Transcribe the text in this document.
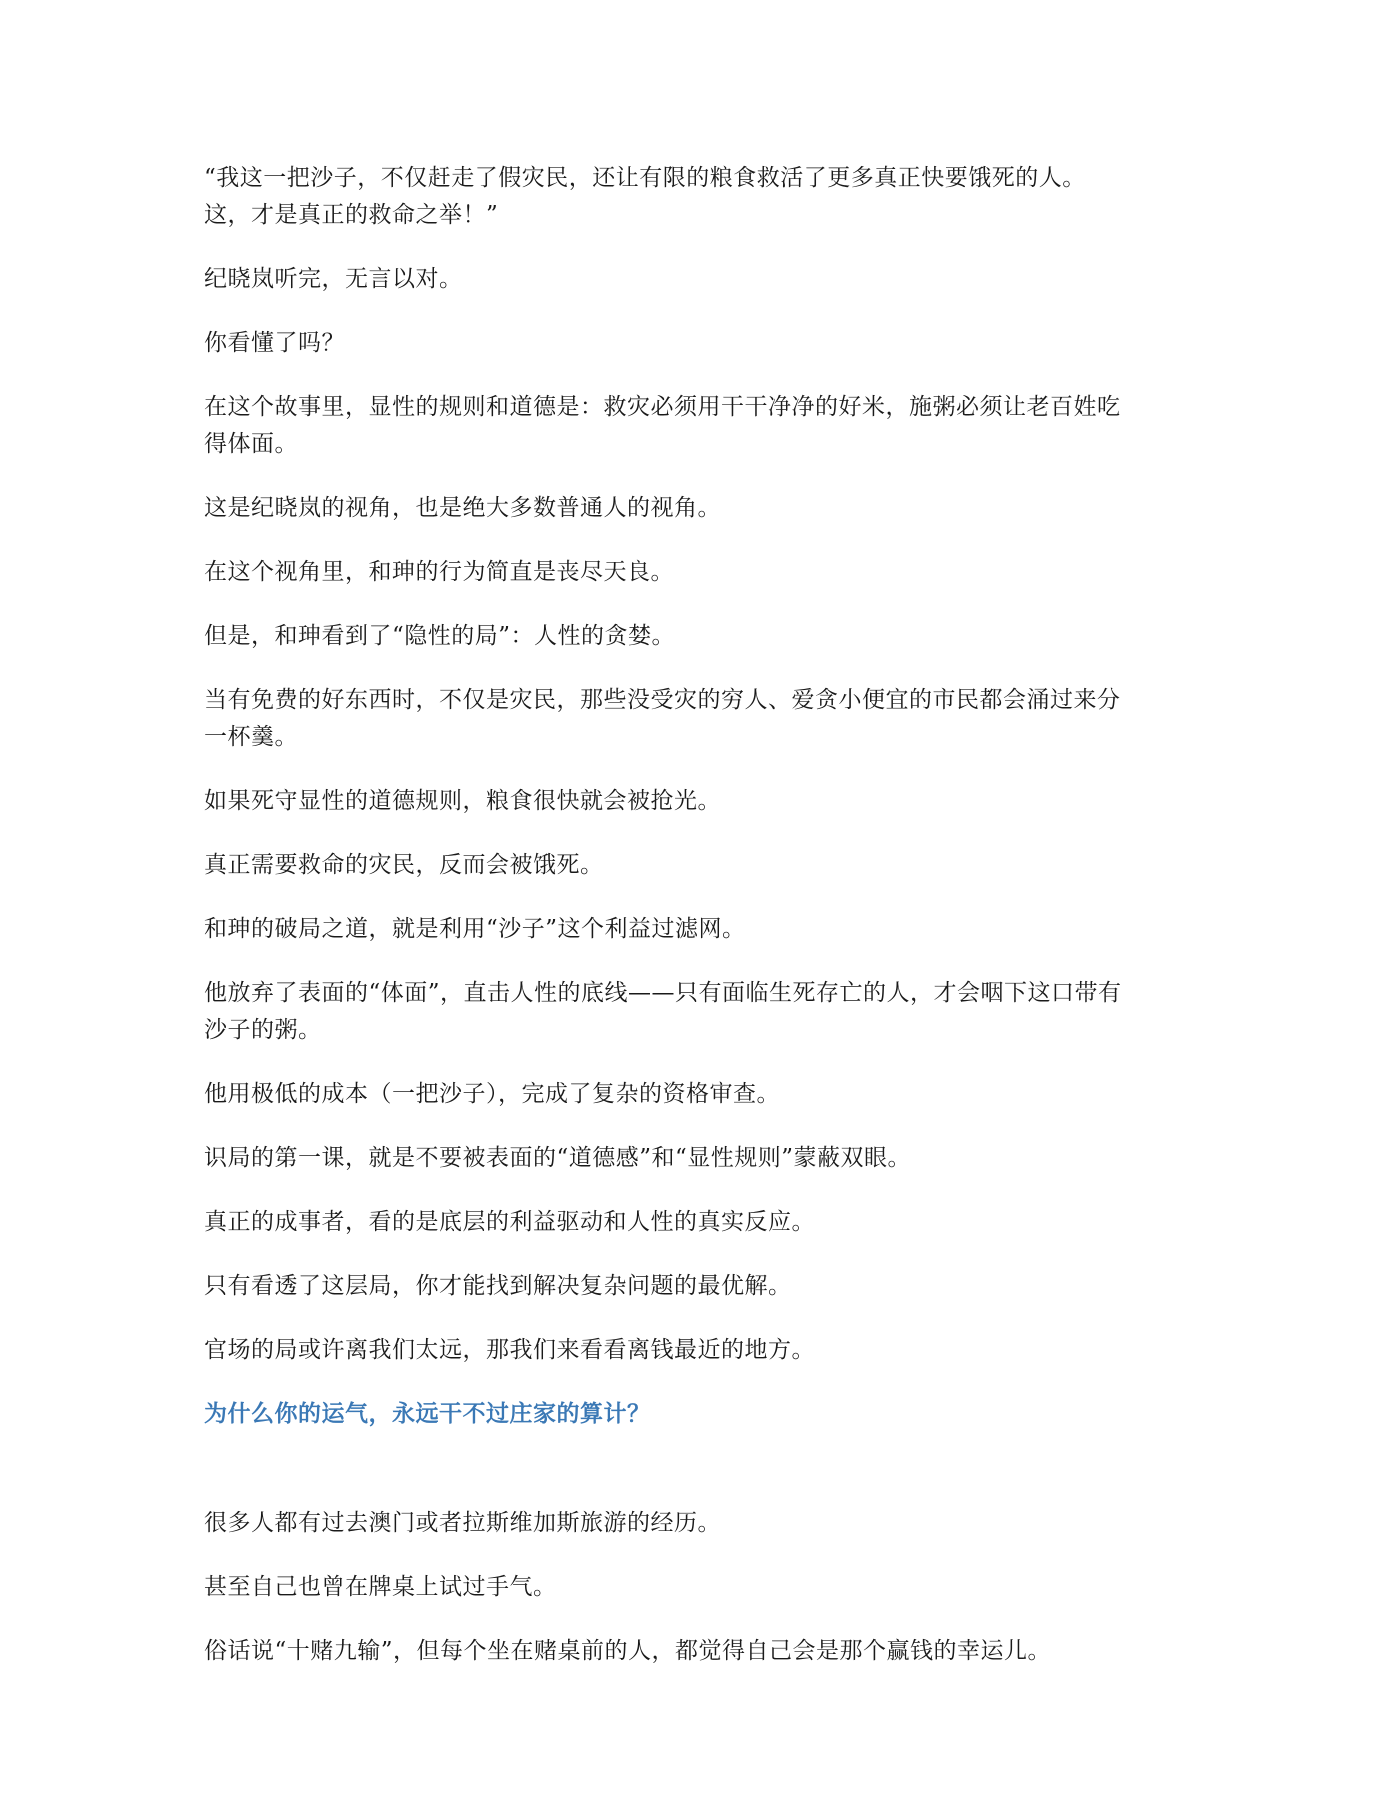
“我这一把沙子，不仅赶走了假灾民，还让有限的粮食救活了更多真正快要饿死的人。
这，才是真正的救命之举！”

纪晓岚听完，无言以对。

你看懂了吗？

在这个故事里，显性的规则和道德是：救灾必须用干干净净的好米，施粥必须让老百姓吃
得体面。

这是纪晓岚的视角，也是绝大多数普通人的视角。

在这个视角里，和珅的行为简直是丧尽天良。

但是，和珅看到了“隐性的局”：人性的贪婪。

当有免费的好东西时，不仅是灾民，那些没受灾的穷人、爱贪小便宜的市民都会涌过来分
一杯羹。

如果死守显性的道德规则，粮食很快就会被抢光。

真正需要救命的灾民，反而会被饿死。

和珅的破局之道，就是利用“沙子”这个利益过滤网。

他放弃了表面的“体面”，直击人性的底线——只有面临生死存亡的人，才会咽下这口带有
沙子的粥。

他用极低的成本（一把沙子），完成了复杂的资格审查。

识局的第一课，就是不要被表面的“道德感”和“显性规则”蒙蔽双眼。

真正的成事者，看的是底层的利益驱动和人性的真实反应。

只有看透了这层局，你才能找到解决复杂问题的最优解。

官场的局或许离我们太远，那我们来看看离钱最近的地方。

为什么你的运气，永远干不过庄家的算计？

很多人都有过去澳门或者拉斯维加斯旅游的经历。

甚至自己也曾在牌桌上试过手气。

俗话说“十赌九输”，但每个坐在赌桌前的人，都觉得自己会是那个赢钱的幸运儿。
